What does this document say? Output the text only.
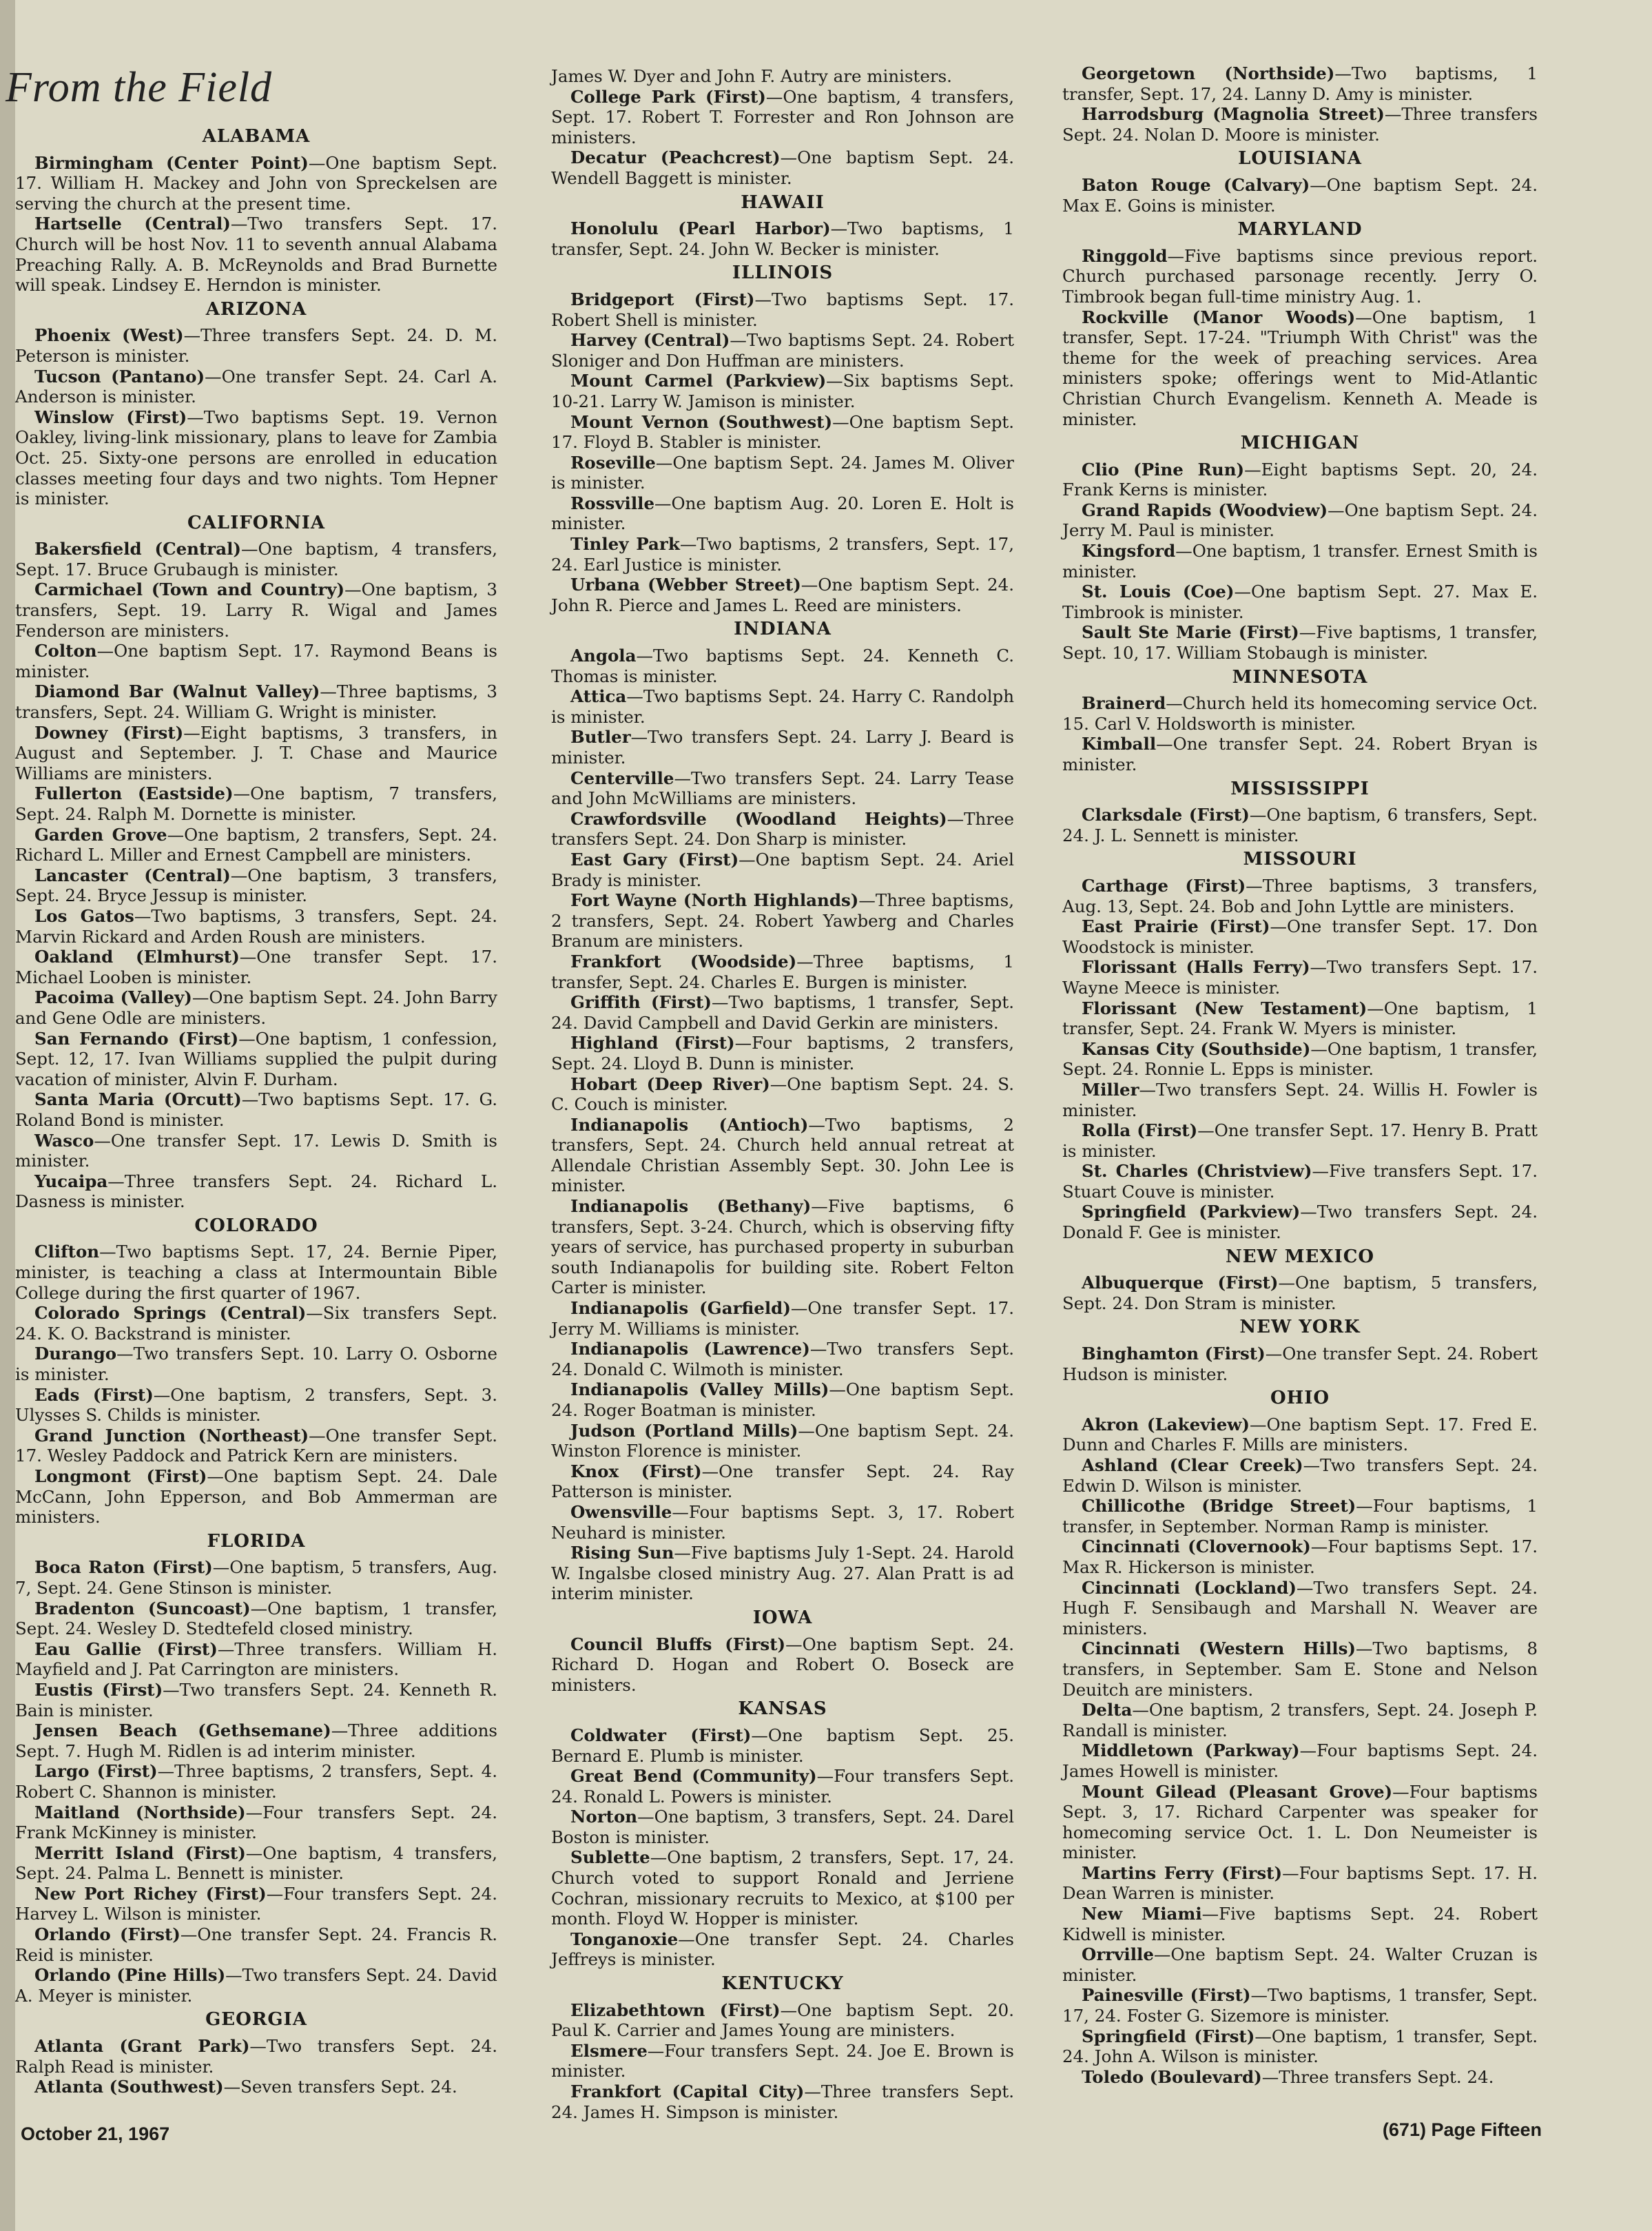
From the Field
ALABAMA

Birmingham (Center Point)—One baptism Sept. 17. William H. Mackey and John von Spreckelsen are serving the church at the present time.

Hartselle (Central)—Two transfers Sept. 17. Church will be host Nov. 11 to seventh annual Alabama Preaching Rally. A. B. McReynolds and Brad Burnette will speak. Lindsey E. Herndon is minister.

ARIZONA

Phoenix (West)—Three transfers Sept. 24. D. M. Peterson is minister.

Tucson (Pantano)—One transfer Sept. 24. Carl A. Anderson is minister.

Winslow (First)—Two baptisms Sept. 19. Vernon Oakley, living-link missionary, plans to leave for Zambia Oct. 25. Sixty-one persons are enrolled in education classes meeting four days and two nights. Tom Hepner is minister.

CALIFORNIA

Bakersfield (Central)—One baptism, 4 transfers, Sept. 17. Bruce Grubaugh is minister.

Carmichael (Town and Country)—One baptism, 3 transfers, Sept. 19. Larry R. Wigal and James Fenderson are ministers.

Colton—One baptism Sept. 17. Raymond Beans is minister.

Diamond Bar (Walnut Valley)—Three baptisms, 3 transfers, Sept. 24. William G. Wright is minister.

Downey (First)—Eight baptisms, 3 transfers, in August and September. J. T. Chase and Maurice Williams are ministers.

Fullerton (Eastside)—One baptism, 7 transfers, Sept. 24. Ralph M. Dornette is minister.

Garden Grove—One baptism, 2 transfers, Sept. 24. Richard L. Miller and Ernest Campbell are ministers.

Lancaster (Central)—One baptism, 3 transfers, Sept. 24. Bryce Jessup is minister.

Los Gatos—Two baptisms, 3 transfers, Sept. 24. Marvin Rickard and Arden Roush are ministers.

Oakland (Elmhurst)—One transfer Sept. 17. Michael Looben is minister.

Pacoima (Valley)—One baptism Sept. 24. John Barry and Gene Odle are ministers.

San Fernando (First)—One baptism, 1 confession, Sept. 12, 17. Ivan Williams supplied the pulpit during vacation of minister, Alvin F. Durham.

Santa Maria (Orcutt)—Two baptisms Sept. 17. G. Roland Bond is minister.

Wasco—One transfer Sept. 17. Lewis D. Smith is minister.

Yucaipa—Three transfers Sept. 24. Richard L. Dasness is minister.

COLORADO

Clifton—Two baptisms Sept. 17, 24. Bernie Piper, minister, is teaching a class at Intermountain Bible College during the first quarter of 1967.

Colorado Springs (Central)—Six transfers Sept. 24. K. O. Backstrand is minister.

Durango—Two transfers Sept. 10. Larry O. Osborne is minister.

Eads (First)—One baptism, 2 transfers, Sept. 3. Ulysses S. Childs is minister.

Grand Junction (Northeast)—One transfer Sept. 17. Wesley Paddock and Patrick Kern are ministers.

Longmont (First)—One baptism Sept. 24. Dale McCann, John Epperson, and Bob Ammerman are ministers.

FLORIDA

Boca Raton (First)—One baptism, 5 transfers, Aug. 7, Sept. 24. Gene Stinson is minister.

Bradenton (Suncoast)—One baptism, 1 transfer, Sept. 24. Wesley D. Stedtefeld closed ministry.

Eau Gallie (First)—Three transfers. William H. Mayfield and J. Pat Carrington are ministers.

Eustis (First)—Two transfers Sept. 24. Kenneth R. Bain is minister.

Jensen Beach (Gethsemane)—Three additions Sept. 7. Hugh M. Ridlen is ad interim minister.

Largo (First)—Three baptisms, 2 transfers, Sept. 4. Robert C. Shannon is minister.

Maitland (Northside)—Four transfers Sept. 24. Frank McKinney is minister.

Merritt Island (First)—One baptism, 4 transfers, Sept. 24. Palma L. Bennett is minister.

New Port Richey (First)—Four transfers Sept. 24. Harvey L. Wilson is minister.

Orlando (First)—One transfer Sept. 24. Francis R. Reid is minister.

Orlando (Pine Hills)—Two transfers Sept. 24. David A. Meyer is minister.

GEORGIA

Atlanta (Grant Park)—Two transfers Sept. 24. Ralph Read is minister.

Atlanta (Southwest)—Seven transfers Sept. 24.

James W. Dyer and John F. Autry are ministers.

College Park (First)—One baptism, 4 transfers, Sept. 17. Robert T. Forrester and Ron Johnson are ministers.

Decatur (Peachcrest)—One baptism Sept. 24. Wendell Baggett is minister.

HAWAII

Honolulu (Pearl Harbor)—Two baptisms, 1 transfer, Sept. 24. John W. Becker is minister.

ILLINOIS

Bridgeport (First)—Two baptisms Sept. 17. Robert Shell is minister.

Harvey (Central)—Two baptisms Sept. 24. Robert Sloniger and Don Huffman are ministers.

Mount Carmel (Parkview)—Six baptisms Sept. 10-21. Larry W. Jamison is minister.

Mount Vernon (Southwest)—One baptism Sept. 17. Floyd B. Stabler is minister.

Roseville—One baptism Sept. 24. James M. Oliver is minister.

Rossville—One baptism Aug. 20. Loren E. Holt is minister.

Tinley Park—Two baptisms, 2 transfers, Sept. 17, 24. Earl Justice is minister.

Urbana (Webber Street)—One baptism Sept. 24. John R. Pierce and James L. Reed are ministers.

INDIANA

Angola—Two baptisms Sept. 24. Kenneth C. Thomas is minister.

Attica—Two baptisms Sept. 24. Harry C. Randolph is minister.

Butler—Two transfers Sept. 24. Larry J. Beard is minister.

Centerville—Two transfers Sept. 24. Larry Tease and John McWilliams are ministers.

Crawfordsville (Woodland Heights)—Three transfers Sept. 24. Don Sharp is minister.

East Gary (First)—One baptism Sept. 24. Ariel Brady is minister.

Fort Wayne (North Highlands)—Three baptisms, 2 transfers, Sept. 24. Robert Yawberg and Charles Branum are ministers.

Frankfort (Woodside)—Three baptisms, 1 transfer, Sept. 24. Charles E. Burgen is minister.

Griffith (First)—Two baptisms, 1 transfer, Sept. 24. David Campbell and David Gerkin are ministers.

Highland (First)—Four baptisms, 2 transfers, Sept. 24. Lloyd B. Dunn is minister.

Hobart (Deep River)—One baptism Sept. 24. S. C. Couch is minister.

Indianapolis (Antioch)—Two baptisms, 2 transfers, Sept. 24. Church held annual retreat at Allendale Christian Assembly Sept. 30. John Lee is minister.

Indianapolis (Bethany)—Five baptisms, 6 transfers, Sept. 3-24. Church, which is observing fifty years of service, has purchased property in suburban south Indianapolis for building site. Robert Felton Carter is minister.

Indianapolis (Garfield)—One transfer Sept. 17. Jerry M. Williams is minister.

Indianapolis (Lawrence)—Two transfers Sept. 24. Donald C. Wilmoth is minister.

Indianapolis (Valley Mills)—One baptism Sept. 24. Roger Boatman is minister.

Judson (Portland Mills)—One baptism Sept. 24. Winston Florence is minister.

Knox (First)—One transfer Sept. 24. Ray Patterson is minister.

Owensville—Four baptisms Sept. 3, 17. Robert Neuhard is minister.

Rising Sun—Five baptisms July 1-Sept. 24. Harold W. Ingalsbe closed ministry Aug. 27. Alan Pratt is ad interim minister.

IOWA

Council Bluffs (First)—One baptism Sept. 24. Richard D. Hogan and Robert O. Boseck are ministers.

KANSAS

Coldwater (First)—One baptism Sept. 25. Bernard E. Plumb is minister.

Great Bend (Community)—Four transfers Sept. 24. Ronald L. Powers is minister.

Norton—One baptism, 3 transfers, Sept. 24. Darel Boston is minister.

Sublette—One baptism, 2 transfers, Sept. 17, 24. Church voted to support Ronald and Jerriene Cochran, missionary recruits to Mexico, at $100 per month. Floyd W. Hopper is minister.

Tonganoxie—One transfer Sept. 24. Charles Jeffreys is minister.

KENTUCKY

Elizabethtown (First)—One baptism Sept. 20. Paul K. Carrier and James Young are ministers.

Elsmere—Four transfers Sept. 24. Joe E. Brown is minister.

Frankfort (Capital City)—Three transfers Sept. 24. James H. Simpson is minister.

Georgetown (Northside)—Two baptisms, 1 transfer, Sept. 17, 24. Lanny D. Amy is minister.

Harrodsburg (Magnolia Street)—Three transfers Sept. 24. Nolan D. Moore is minister.

LOUISIANA

Baton Rouge (Calvary)—One baptism Sept. 24. Max E. Goins is minister.

MARYLAND

Ringgold—Five baptisms since previous report. Church purchased parsonage recently. Jerry O. Timbrook began full-time ministry Aug. 1.

Rockville (Manor Woods)—One baptism, 1 transfer, Sept. 17-24. "Triumph With Christ" was the theme for the week of preaching services. Area ministers spoke; offerings went to Mid-Atlantic Christian Church Evangelism. Kenneth A. Meade is minister.

MICHIGAN

Clio (Pine Run)—Eight baptisms Sept. 20, 24. Frank Kerns is minister.

Grand Rapids (Woodview)—One baptism Sept. 24. Jerry M. Paul is minister.

Kingsford—One baptism, 1 transfer. Ernest Smith is minister.

St. Louis (Coe)—One baptism Sept. 27. Max E. Timbrook is minister.

Sault Ste Marie (First)—Five baptisms, 1 transfer, Sept. 10, 17. William Stobaugh is minister.

MINNESOTA

Brainerd—Church held its homecoming service Oct. 15. Carl V. Holdsworth is minister.

Kimball—One transfer Sept. 24. Robert Bryan is minister.

MISSISSIPPI

Clarksdale (First)—One baptism, 6 transfers, Sept. 24. J. L. Sennett is minister.

MISSOURI

Carthage (First)—Three baptisms, 3 transfers, Aug. 13, Sept. 24. Bob and John Lyttle are ministers.

East Prairie (First)—One transfer Sept. 17. Don Woodstock is minister.

Florissant (Halls Ferry)—Two transfers Sept. 17. Wayne Meece is minister.

Florissant (New Testament)—One baptism, 1 transfer, Sept. 24. Frank W. Myers is minister.

Kansas City (Southside)—One baptism, 1 transfer, Sept. 24. Ronnie L. Epps is minister.

Miller—Two transfers Sept. 24. Willis H. Fowler is minister.

Rolla (First)—One transfer Sept. 17. Henry B. Pratt is minister.

St. Charles (Christview)—Five transfers Sept. 17. Stuart Couve is minister.

Springfield (Parkview)—Two transfers Sept. 24. Donald F. Gee is minister.

NEW MEXICO

Albuquerque (First)—One baptism, 5 transfers, Sept. 24. Don Stram is minister.

NEW YORK

Binghamton (First)—One transfer Sept. 24. Robert Hudson is minister.

OHIO

Akron (Lakeview)—One baptism Sept. 17. Fred E. Dunn and Charles F. Mills are ministers.

Ashland (Clear Creek)—Two transfers Sept. 24. Edwin D. Wilson is minister.

Chillicothe (Bridge Street)—Four baptisms, 1 transfer, in September. Norman Ramp is minister.

Cincinnati (Clovernook)—Four baptisms Sept. 17. Max R. Hickerson is minister.

Cincinnati (Lockland)—Two transfers Sept. 24. Hugh F. Sensibaugh and Marshall N. Weaver are ministers.

Cincinnati (Western Hills)—Two baptisms, 8 transfers, in September. Sam E. Stone and Nelson Deuitch are ministers.

Delta—One baptism, 2 transfers, Sept. 24. Joseph P. Randall is minister.

Middletown (Parkway)—Four baptisms Sept. 24. James Howell is minister.

Mount Gilead (Pleasant Grove)—Four baptisms Sept. 3, 17. Richard Carpenter was speaker for homecoming service Oct. 1. L. Don Neumeister is minister.

Martins Ferry (First)—Four baptisms Sept. 17. H. Dean Warren is minister.

New Miami—Five baptisms Sept. 24. Robert Kidwell is minister.

Orrville—One baptism Sept. 24. Walter Cruzan is minister.

Painesville (First)—Two baptisms, 1 transfer, Sept. 17, 24. Foster G. Sizemore is minister.

Springfield (First)—One baptism, 1 transfer, Sept. 24. John A. Wilson is minister.

Toledo (Boulevard)—Three transfers Sept. 24.

October 21, 1967	(671) Page Fifteen
